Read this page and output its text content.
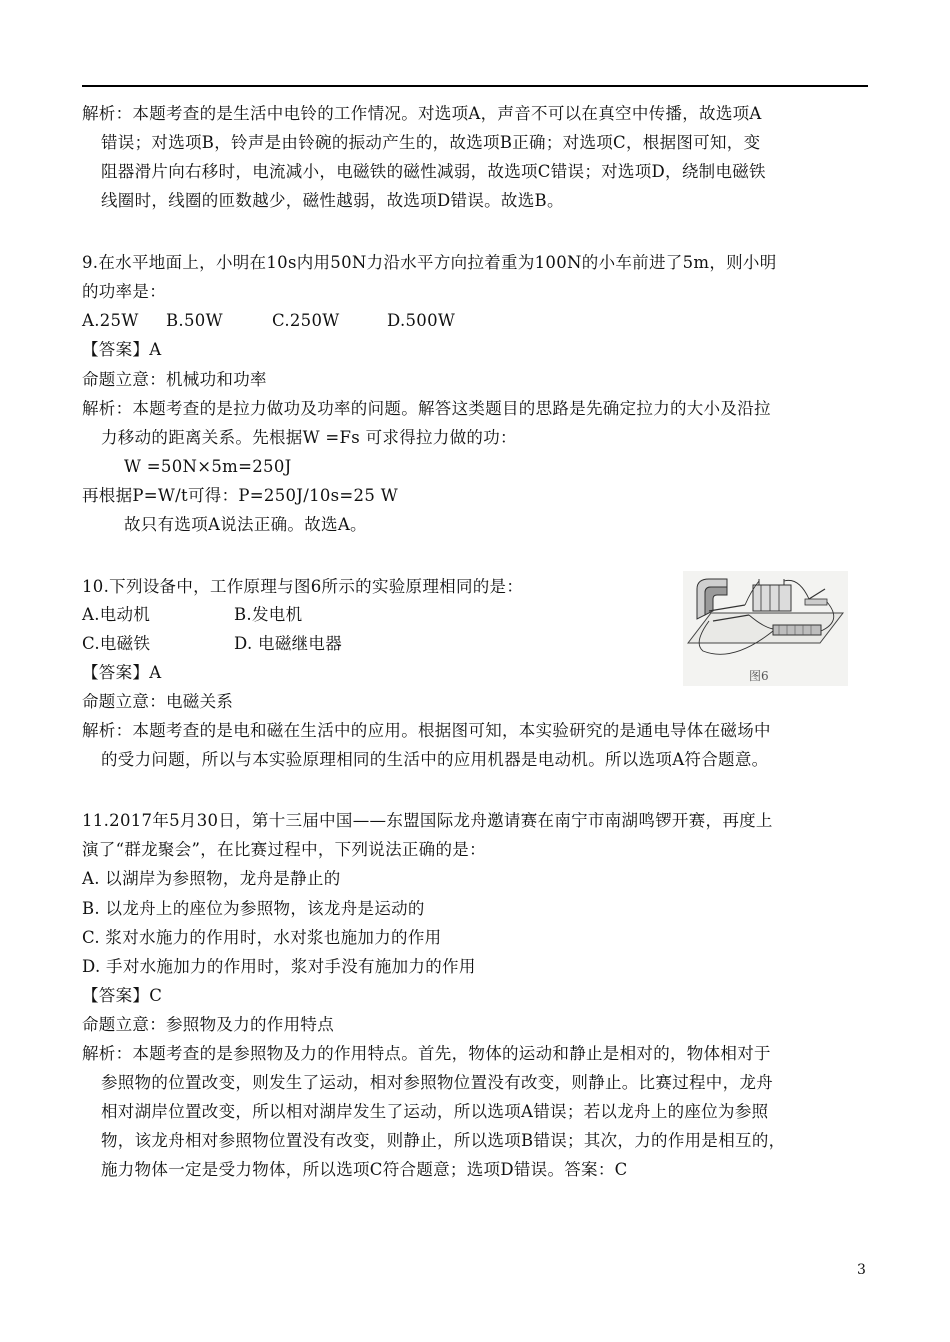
解析：本题考查的是生活中电铃的工作情况。对选项A，声音不可以在真空中传播，故选项A
错误；对选项B，铃声是由铃碗的振动产生的，故选项B正确；对选项C，根据图可知，变
阻器滑片向右移时，电流减小，电磁铁的磁性减弱，故选项C错误；对选项D，绕制电磁铁
线圈时，线圈的匝数越少，磁性越弱，故选项D错误。故选B。
9.在水平地面上，小明在10s内用50N力沿水平方向拉着重为100N的小车前进了5m，则小明
的功率是：
A.25W B.50W	C.250W	D.500W
【答案】A
命题立意：机械功和功率
解析：本题考查的是拉力做功及功率的问题。解答这类题目的思路是先确定拉力的大小及沿拉
力移动的距离关系。先根据W =Fs 可求得拉力做的功：
W =50N×5m=250J
再根据P=W/t可得：P=250J/10s=25 W
故只有选项A说法正确。故选A。
10.下列设备中，工作原理与图6所示的实验原理相同的是：
A.电动机	B.发电机
C.电磁铁	D. 电磁继电器
【答案】A
命题立意：电磁关系
解析：本题考查的是电和磁在生活中的应用。根据图可知，本实验研究的是通电导体在磁场中
的受力问题，所以与本实验原理相同的生活中的应用机器是电动机。所以选项A符合题意。
图6
11.2017年5月30日，第十三届中国——东盟国际龙舟邀请赛在南宁市南湖鸣锣开赛，再度上
演了“群龙聚会”，在比赛过程中，下列说法正确的是：
A. 以湖岸为参照物，龙舟是静止的
B. 以龙舟上的座位为参照物，该龙舟是运动的
C. 浆对水施力的作用时，水对浆也施加力的作用
D. 手对水施加力的作用时，浆对手没有施加力的作用
【答案】C
命题立意：参照物及力的作用特点
解析：本题考查的是参照物及力的作用特点。首先，物体的运动和静止是相对的，物体相对于
参照物的位置改变，则发生了运动，相对参照物位置没有改变，则静止。比赛过程中，龙舟
相对湖岸位置改变，所以相对湖岸发生了运动，所以选项A错误；若以龙舟上的座位为参照
物，该龙舟相对参照物位置没有改变，则静止，所以选项B错误；其次，力的作用是相互的，
施力物体一定是受力物体，所以选项C符合题意；选项D错误。答案：C
3
